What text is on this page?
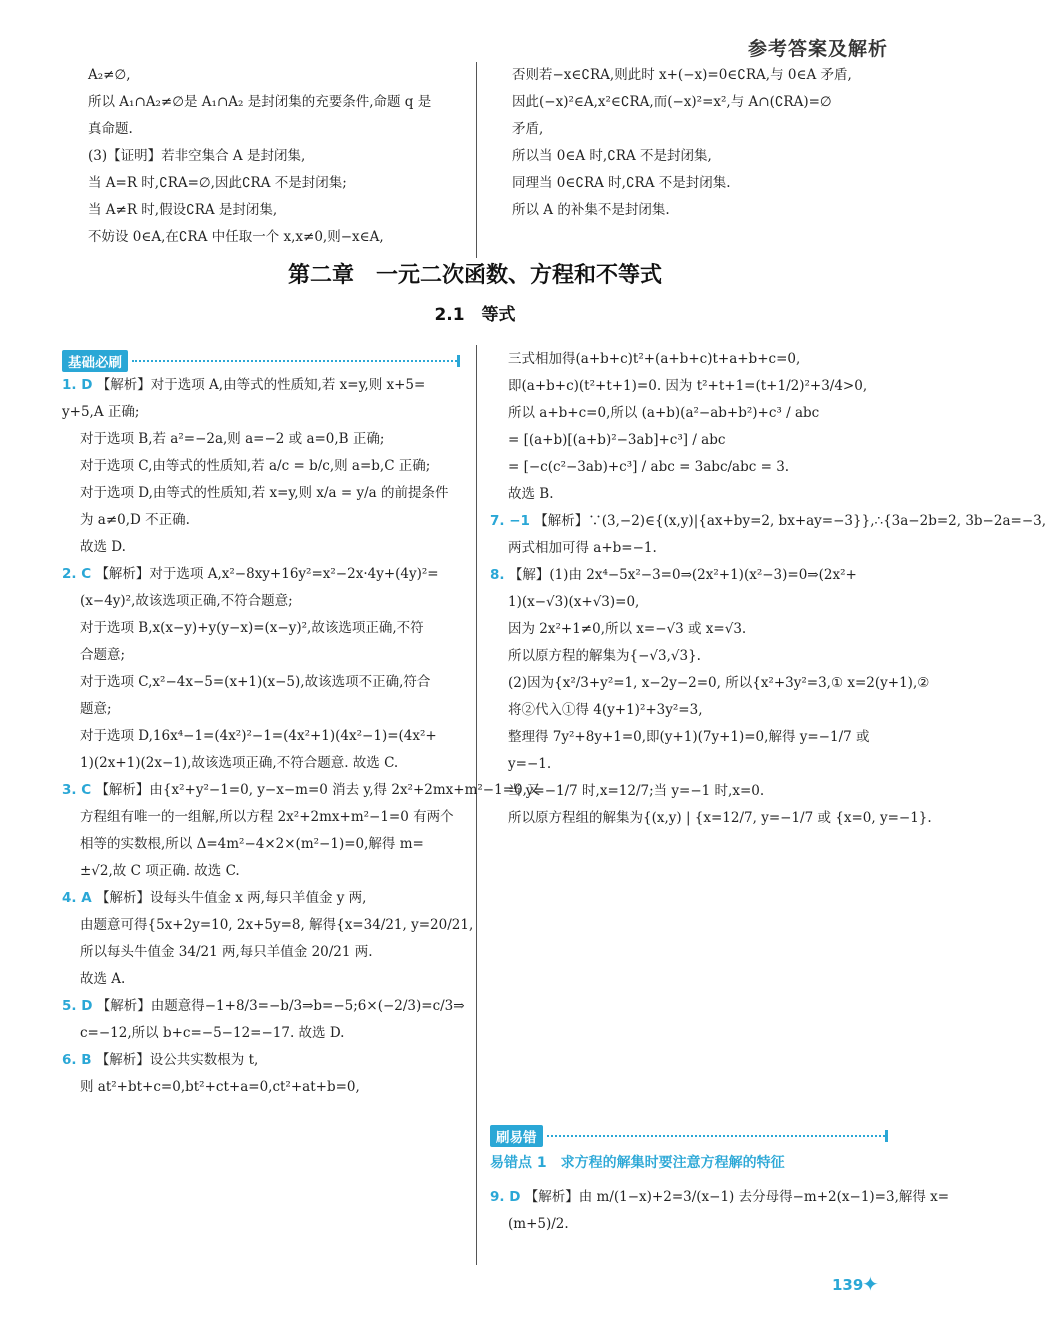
参考答案及解析

A₂≠∅,

所以 A₁∩A₂≠∅是 A₁∩A₂ 是封闭集的充要条件,命题 q 是

真命题.

(3)【证明】若非空集合 A 是封闭集,

当 A=R 时,∁RA=∅,因此∁RA 不是封闭集;

当 A≠R 时,假设∁RA 是封闭集,

不妨设 0∈A,在∁RA 中任取一个 x,x≠0,则−x∈A,

否则若−x∈∁RA,则此时 x+(−x)=0∈∁RA,与 0∈A 矛盾,

因此(−x)²∈A,x²∈∁RA,而(−x)²=x²,与 A∩(∁RA)=∅

矛盾,

所以当 0∈A 时,∁RA 不是封闭集,

同理当 0∈∁RA 时,∁RA 不是封闭集.

所以 A 的补集不是封闭集.

第二章　一元二次函数、方程和不等式
2.1　等式
基础必刷

1. D 【解析】对于选项 A,由等式的性质知,若 x=y,则 x+5=

y+5,A 正确;

对于选项 B,若 a²=−2a,则 a=−2 或 a=0,B 正确;

对于选项 C,由等式的性质知,若 a/c = b/c,则 a=b,C 正确;

对于选项 D,由等式的性质知,若 x=y,则 x/a = y/a 的前提条件

为 a≠0,D 不正确.

故选 D.

2. C 【解析】对于选项 A,x²−8xy+16y²=x²−2x·4y+(4y)²=

(x−4y)²,故该选项正确,不符合题意;

对于选项 B,x(x−y)+y(y−x)=(x−y)²,故该选项正确,不符

合题意;

对于选项 C,x²−4x−5=(x+1)(x−5),故该选项不正确,符合

题意;

对于选项 D,16x⁴−1=(4x²)²−1=(4x²+1)(4x²−1)=(4x²+

1)(2x+1)(2x−1),故该选项正确,不符合题意. 故选 C.

3. C 【解析】由{x²+y²−1=0, y−x−m=0 消去 y,得 2x²+2mx+m²−1=0,又

方程组有唯一的一组解,所以方程 2x²+2mx+m²−1=0 有两个

相等的实数根,所以 Δ=4m²−4×2×(m²−1)=0,解得 m=

±√2,故 C 项正确. 故选 C.

4. A 【解析】设每头牛值金 x 两,每只羊值金 y 两,

由题意可得{5x+2y=10, 2x+5y=8, 解得{x=34/21, y=20/21,

所以每头牛值金 34/21 两,每只羊值金 20/21 两.

故选 A.

5. D 【解析】由题意得−1+8/3=−b/3⇒b=−5;6×(−2/3)=c/3⇒

c=−12,所以 b+c=−5−12=−17. 故选 D.

6. B 【解析】设公共实数根为 t,

则 at²+bt+c=0,bt²+ct+a=0,ct²+at+b=0,

三式相加得(a+b+c)t²+(a+b+c)t+a+b+c=0,

即(a+b+c)(t²+t+1)=0. 因为 t²+t+1=(t+1/2)²+3/4>0,

所以 a+b+c=0,所以 (a+b)(a²−ab+b²)+c³ / abc

= [(a+b)[(a+b)²−3ab]+c³] / abc

= [−c(c²−3ab)+c³] / abc = 3abc/abc = 3.

故选 B.

7. −1 【解析】∵(3,−2)∈{(x,y)|{ax+by=2, bx+ay=−3}},∴{3a−2b=2, 3b−2a=−3,

两式相加可得 a+b=−1.

8. 【解】(1)由 2x⁴−5x²−3=0⇒(2x²+1)(x²−3)=0⇒(2x²+

1)(x−√3)(x+√3)=0,

因为 2x²+1≠0,所以 x=−√3 或 x=√3.

所以原方程的解集为{−√3,√3}.

(2)因为{x²/3+y²=1, x−2y−2=0, 所以{x²+3y²=3,① x=2(y+1),②

将②代入①得 4(y+1)²+3y²=3,

整理得 7y²+8y+1=0,即(y+1)(7y+1)=0,解得 y=−1/7 或

y=−1.

当 y=−1/7 时,x=12/7;当 y=−1 时,x=0.

所以原方程组的解集为{(x,y) | {x=12/7, y=−1/7 或 {x=0, y=−1}.

刷易错
易错点 1　求方程的解集时要注意方程解的特征

9. D 【解析】由 m/(1−x)+2=3/(x−1) 去分母得−m+2(x−1)=3,解得 x=

(m+5)/2.

139
✦
